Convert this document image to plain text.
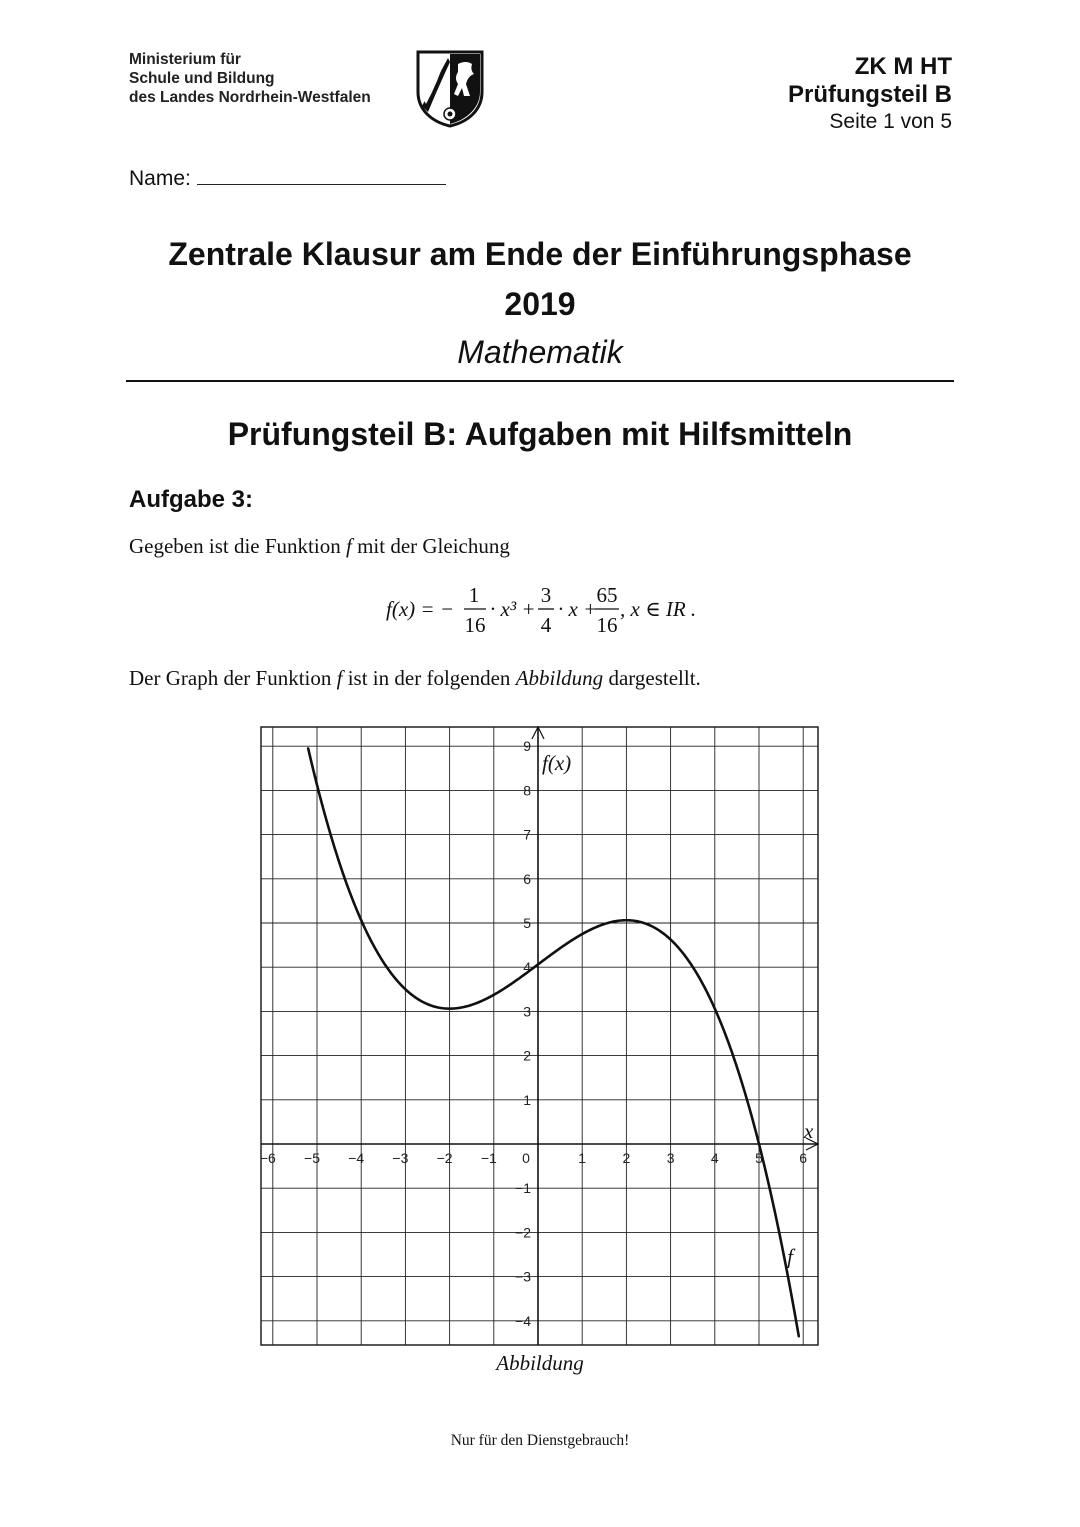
Ministerium für
Schule und Bildung
des Landes Nordrhein-Westfalen
ZK M HT
Prüfungsteil B
Seite 1 von 5
Name:
Zentrale Klausur am Ende der Einführungsphase
2019
Mathematik
Prüfungsteil B: Aufgaben mit Hilfsmitteln
Aufgabe 3:
Gegeben ist die Funktion f mit der Gleichung
f(x) = −
1
16
· x³ +
3
4
· x +
65
16
, x ∈ IR .
Der Graph der Funktion f ist in der folgenden Abbildung dargestellt.
−6 −5 −4 −3 −2 −1 0	1	2	3	4	5	6
−4
−3
−2
−1
1
2
3
4
5
6
7
8
9
f(x)
x
f
Abbildung
Nur für den Dienstgebrauch!
